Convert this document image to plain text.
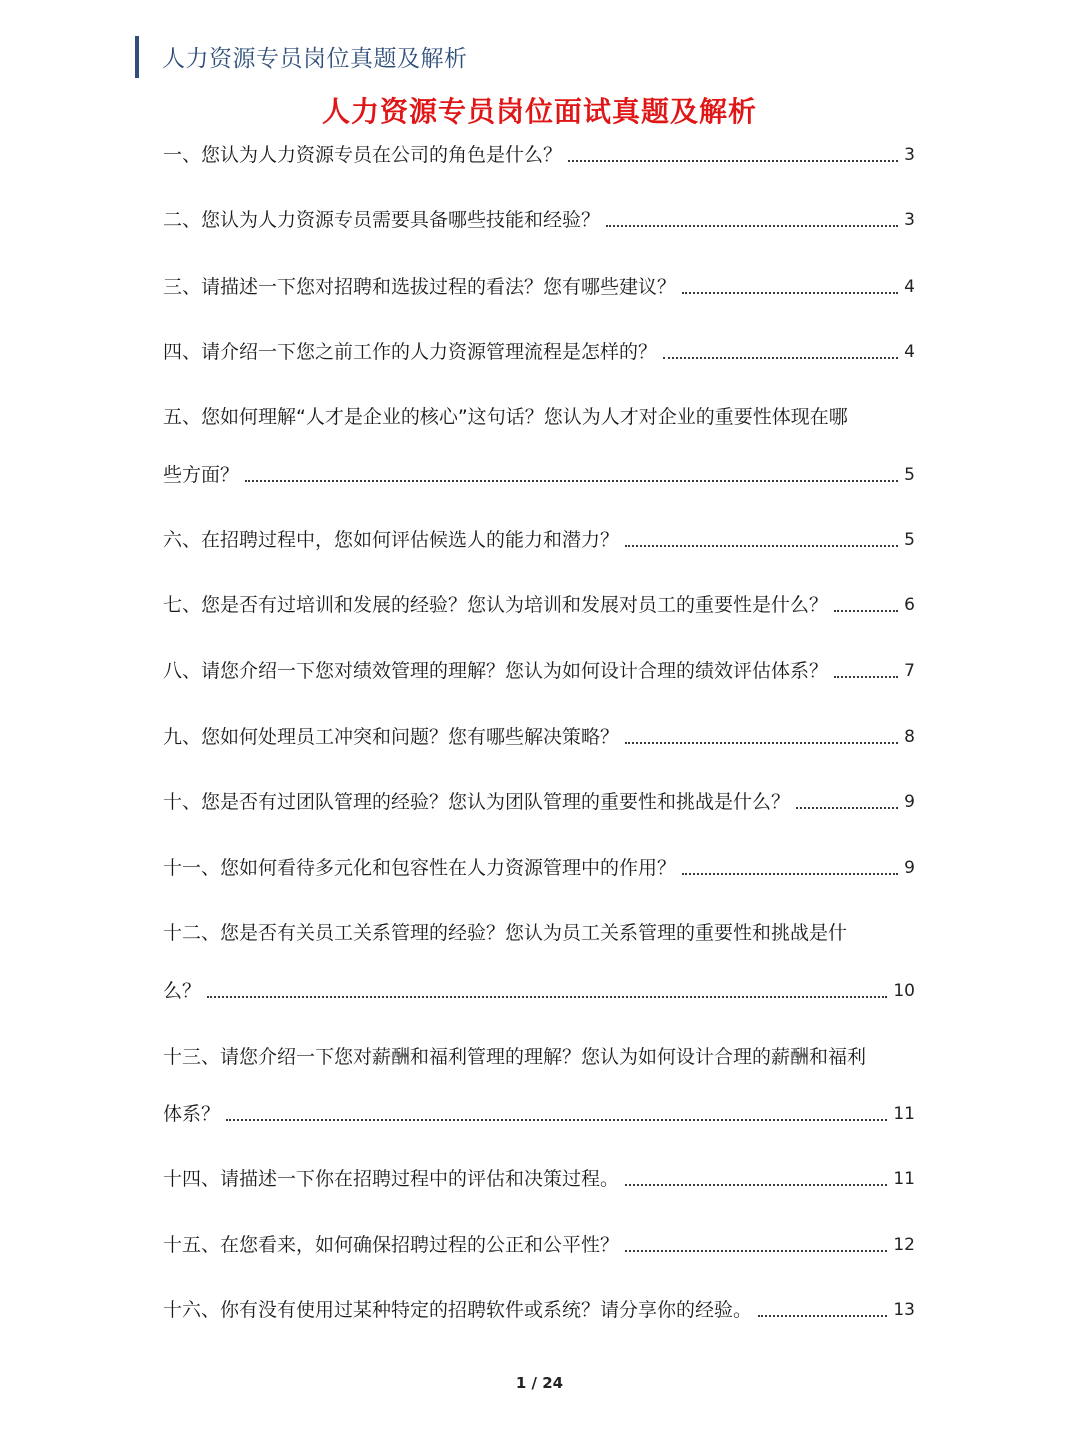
人力资源专员岗位真题及解析
人力资源专员岗位面试真题及解析
一、您认为人力资源专员在公司的角色是什么？	3
二、您认为人力资源专员需要具备哪些技能和经验？	3
三、请描述一下您对招聘和选拔过程的看法？您有哪些建议？	4
四、请介绍一下您之前工作的人力资源管理流程是怎样的？	4
五、您如何理解“人才是企业的核心”这句话？您认为人才对企业的重要性体现在哪
些方面？	5
六、在招聘过程中，您如何评估候选人的能力和潜力？	5
七、您是否有过培训和发展的经验？您认为培训和发展对员工的重要性是什么？	6
八、请您介绍一下您对绩效管理的理解？您认为如何设计合理的绩效评估体系？	7
九、您如何处理员工冲突和问题？您有哪些解决策略？	8
十、您是否有过团队管理的经验？您认为团队管理的重要性和挑战是什么？	9
十一、您如何看待多元化和包容性在人力资源管理中的作用？	9
十二、您是否有关员工关系管理的经验？您认为员工关系管理的重要性和挑战是什
么？	10
十三、请您介绍一下您对薪酬和福利管理的理解？您认为如何设计合理的薪酬和福利
体系？	11
十四、请描述一下你在招聘过程中的评估和决策过程。	11
十五、在您看来，如何确保招聘过程的公正和公平性？	12
十六、你有没有使用过某种特定的招聘软件或系统？请分享你的经验。	13
1 / 24
